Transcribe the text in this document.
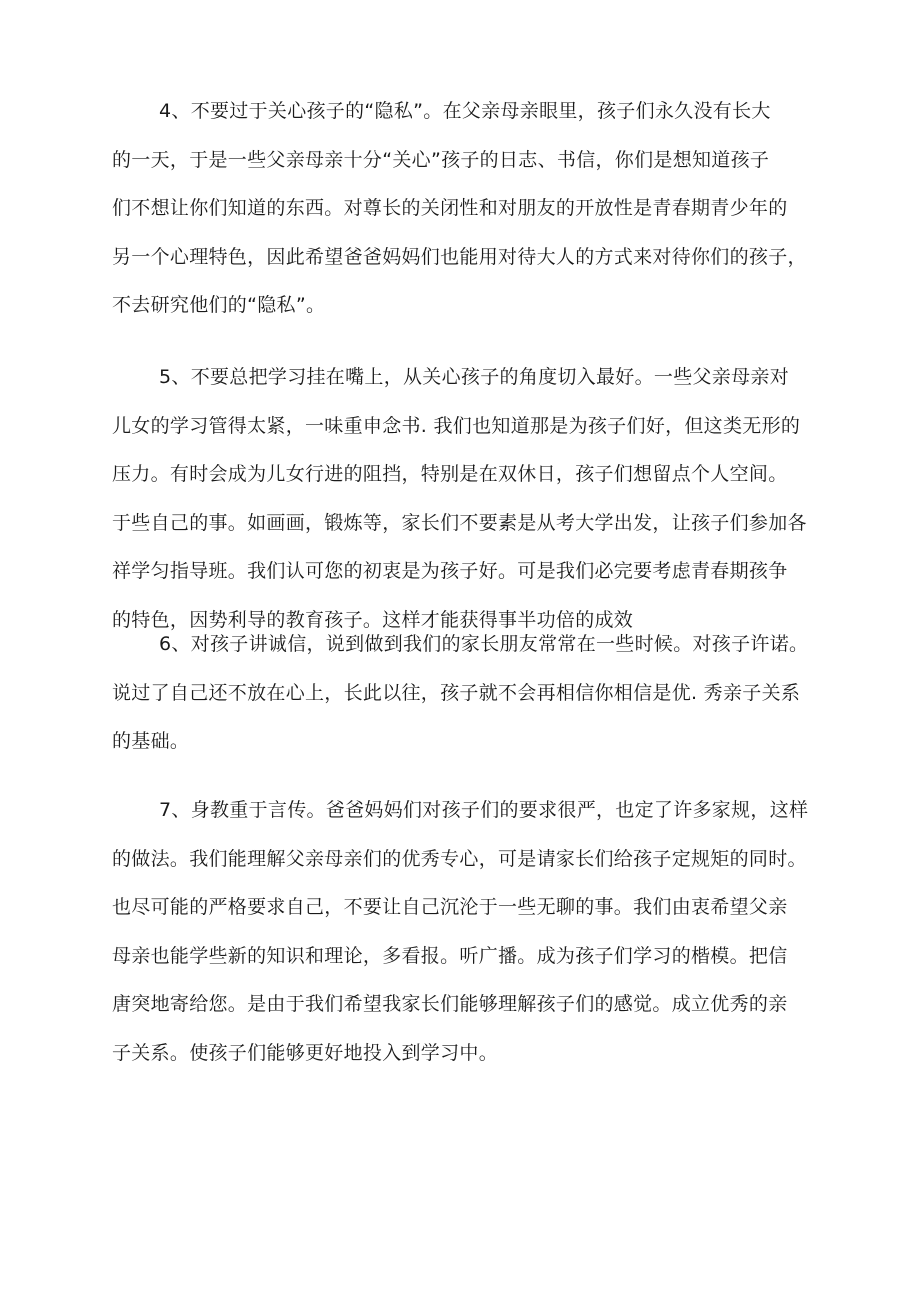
4、不要过于关心孩子的“隐私”。在父亲母亲眼里，孩子们永久没有长大
的一天，于是一些父亲母亲十分“关心”孩子的日志、书信，你们是想知道孩子
们不想让你们知道的东西。对尊长的关闭性和对朋友的开放性是青春期青少年的
另一个心理特色，因此希望爸爸妈妈们也能用对待大人的方式来对待你们的孩子，
不去研究他们的“隐私”。

5、不要总把学习挂在嘴上，从关心孩子的角度切入最好。一些父亲母亲对
儿女的学习管得太紧，一味重申念书. 我们也知道那是为孩子们好，但这类无形的
压力。有时会成为儿女行进的阻挡，特别是在双休日，孩子们想留点个人空间。
于些自己的事。如画画，锻炼等，家长们不要素是从考大学出发，让孩子们参加各
祥学匀指导班。我们认可您的初衷是为孩子好。可是我们必完要考虑青春期孩争
的特色，因势利导的教育孩子。这样才能获得事半功倍的成效

6、对孩子讲诚信，说到做到我们的家长朋友常常在一些时候。对孩子许诺。
说过了自己还不放在心上，长此以往，孩子就不会再相信你相信是优. 秀亲子关系
的基础。

7、身教重于言传。爸爸妈妈们对孩子们的要求很严，也定了许多家规，这样
的做法。我们能理解父亲母亲们的优秀专心，可是请家长们给孩子定规矩的同时。
也尽可能的严格要求自己，不要让自己沉沦于一些无聊的事。我们由衷希望父亲
母亲也能学些新的知识和理论，多看报。听广播。成为孩子们学习的楷模。把信
唐突地寄给您。是由于我们希望我家长们能够理解孩子们的感觉。成立优秀的亲
子关系。使孩子们能够更好地投入到学习中。
